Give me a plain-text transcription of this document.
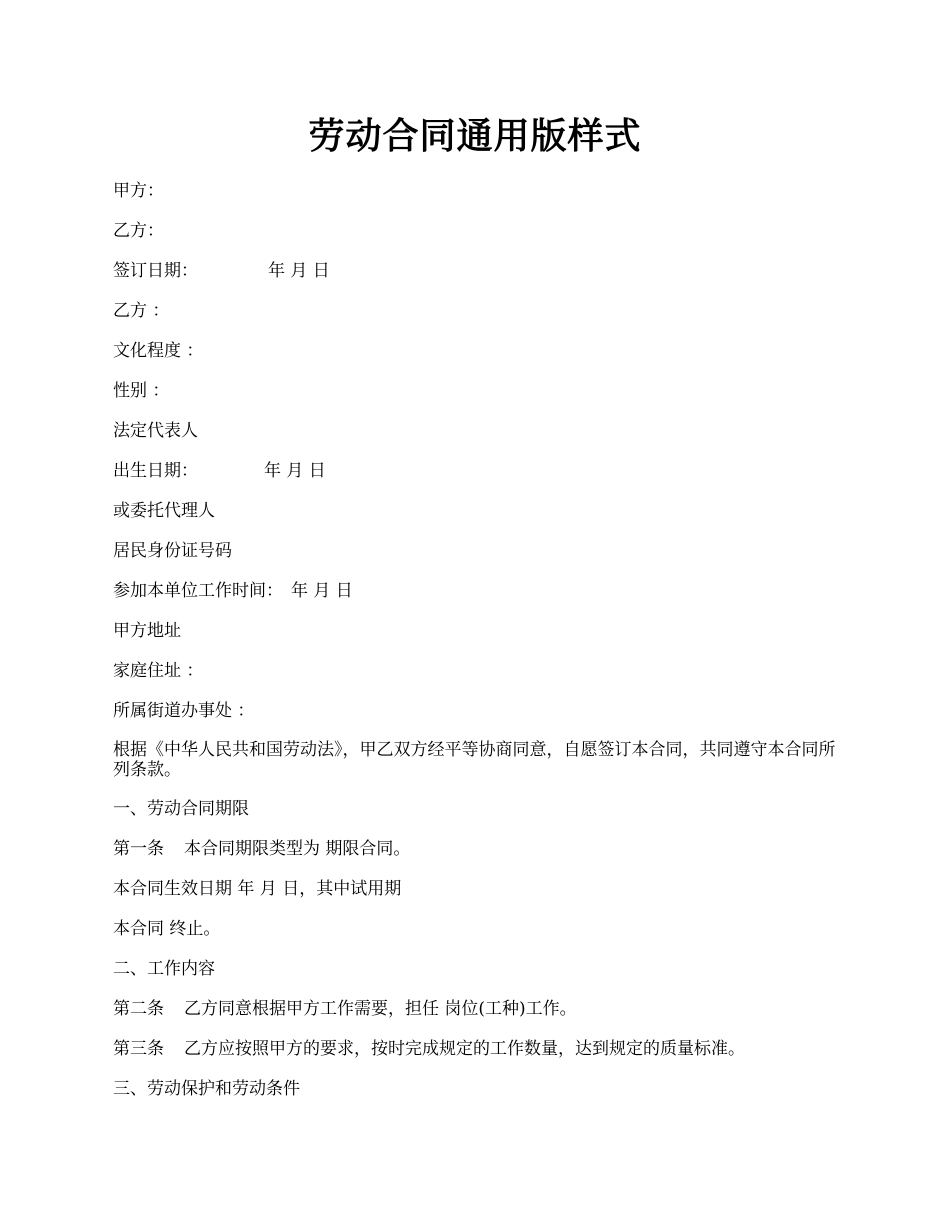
劳动合同通用版样式
甲方：
乙方：
签订日期：	年 月 日
乙方 ：
文化程度 ：
性别 ：
法定代表人
出生日期：	年 月 日
或委托代理人
居民身份证号码
参加本单位工作时间： 年 月 日
甲方地址
家庭住址 ：
所属街道办事处 ：
根据《中华人民共和国劳动法》，甲乙双方经平等协商同意，自愿签订本合同，共同遵守本合同所列条款。
一、劳动合同期限
第一条 本合同期限类型为 期限合同。
本合同生效日期 年 月 日，其中试用期
本合同 终止。
二、工作内容
第二条 乙方同意根据甲方工作需要，担任 岗位(工种)工作。
第三条 乙方应按照甲方的要求，按时完成规定的工作数量，达到规定的质量标准。
三、劳动保护和劳动条件
